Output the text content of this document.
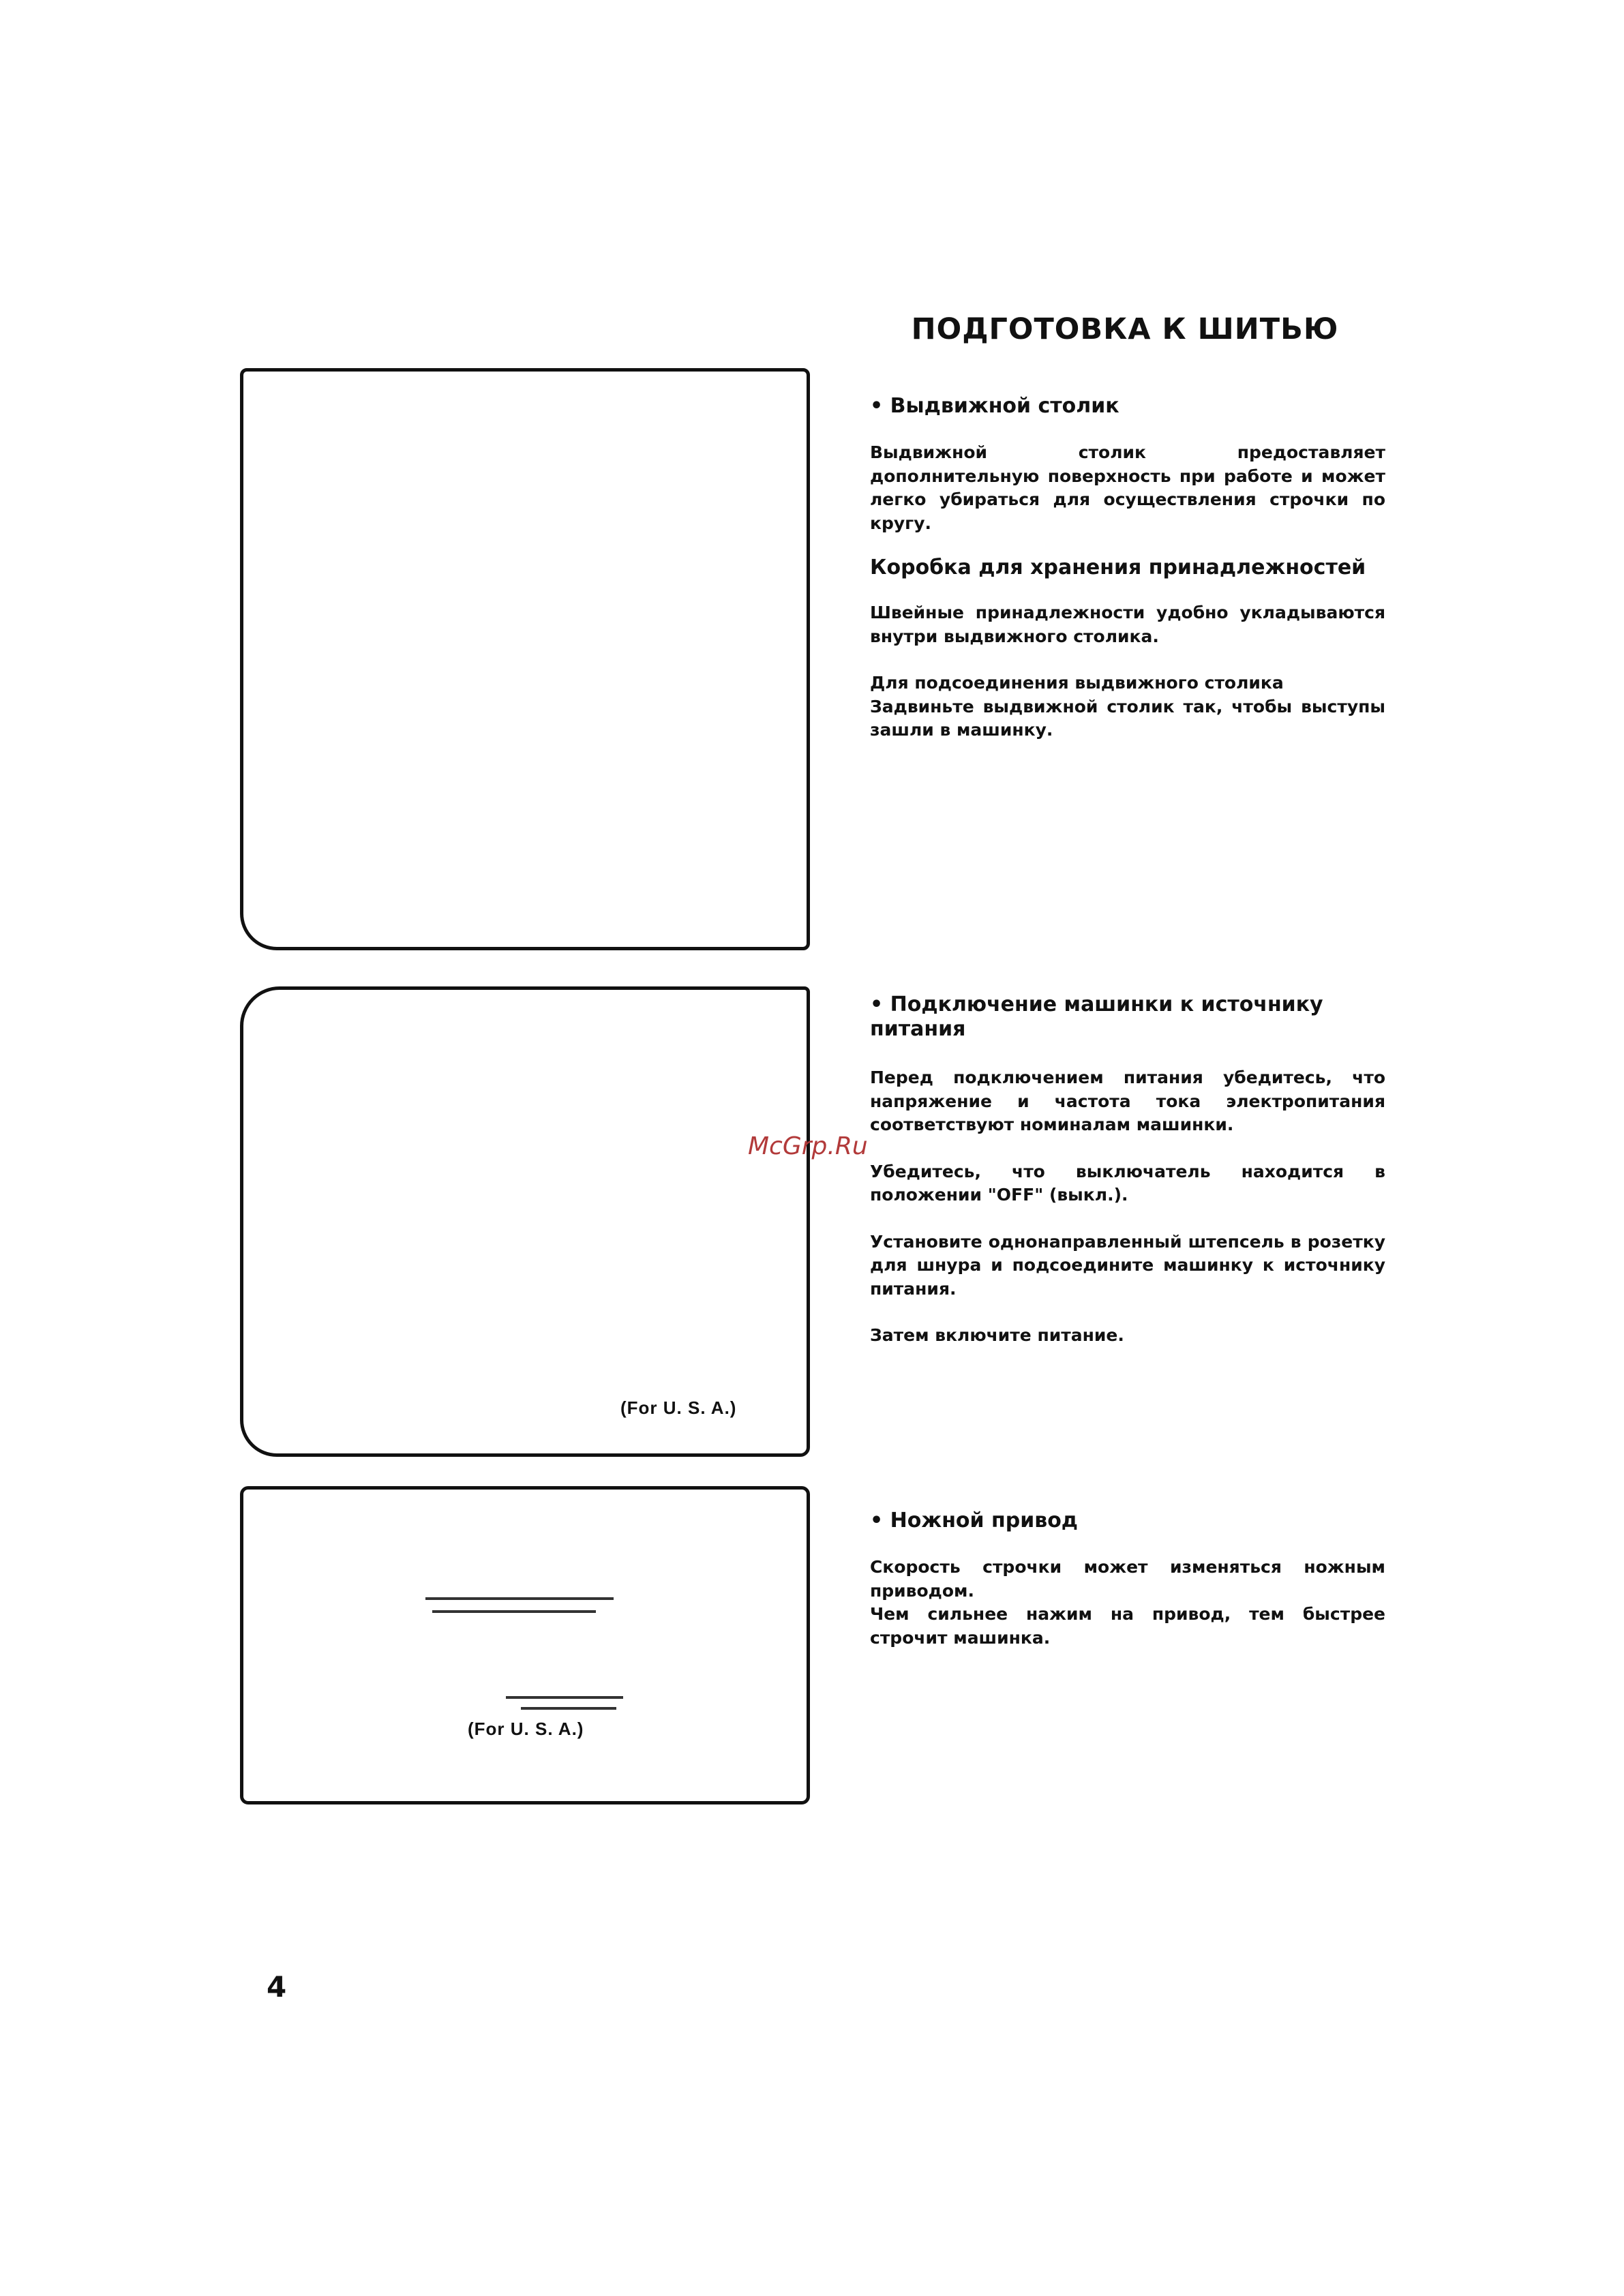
ПОДГОТОВКА К ШИТЬЮ
(For U. S. A.)
(For U. S. A.)

• Выдвижной столик

Выдвижной столик предоставляет дополнительную поверхность при работе и может легко убираться для осуществления строчки по кругу.

Коробка для хранения принадлежностей

Швейные принадлежности удобно укладываются внутри выдвижного столика.

Для подсоединения выдвижного столика

Задвиньте выдвижной столик так, чтобы выступы зашли в машинку.

• Подключение машинки к источнику питания

Перед подключением питания убедитесь, что напряжение и частота тока электропитания соответствуют номиналам машинки.

Убедитесь, что выключатель находится в положении "OFF" (выкл.).

Установите однонаправленный штепсель в розетку для шнура и подсоедините машинку к источнику питания.

Затем включите питание.

• Ножной привод

Скорость строчки может изменяться ножным приводом.

Чем сильнее нажим на привод, тем быстрее строчит машинка.

McGrp.Ru
4
